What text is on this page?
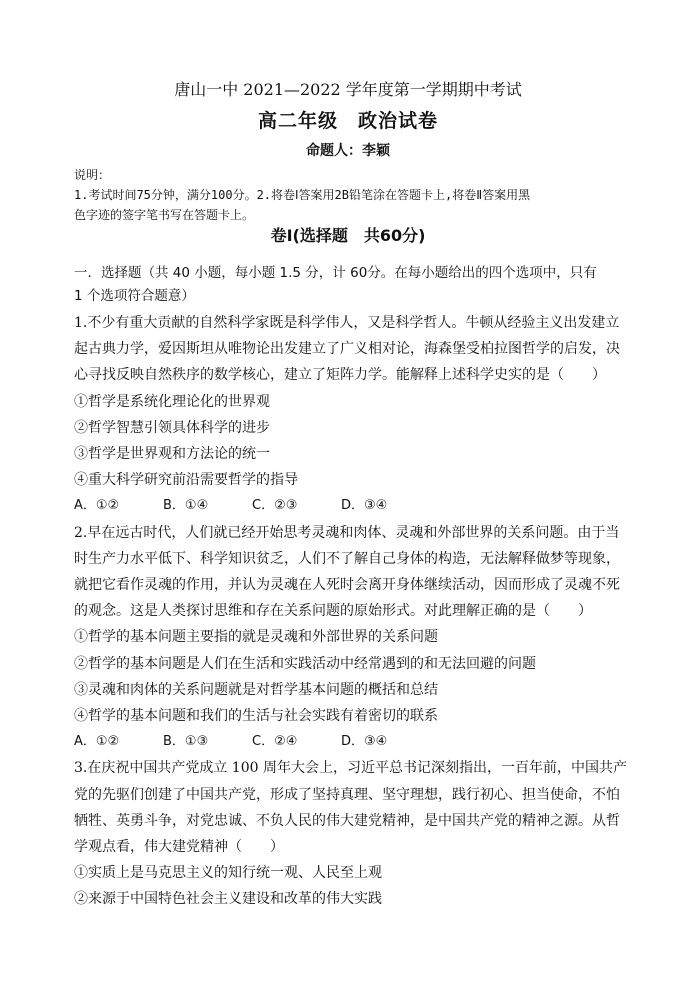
唐山一中 2021—2022 学年度第一学期期中考试
高二年级　政治试卷
命题人：李颖
说明：
1.考试时间75分钟，满分100分。2.将卷Ⅰ答案用2B铅笔涂在答题卡上,将卷Ⅱ答案用黑
色字迹的签字笔书写在答题卡上。
卷Ⅰ(选择题　共60分)
一．选择题（共 40 小题，每小题 1.5 分，计 60分。在每小题给出的四个选项中，只有
1 个选项符合题意）
1.不少有重大贡献的自然科学家既是科学伟人，又是科学哲人。牛顿从经验主义出发建立
起古典力学，爱因斯坦从唯物论出发建立了广义相对论，海森堡受柏拉图哲学的启发，决
心寻找反映自然秩序的数学核心，建立了矩阵力学。能解释上述科学史实的是（　　）
①哲学是系统化理论化的世界观
②哲学智慧引领具体科学的进步
③哲学是世界观和方法论的统一
④重大科学研究前沿需要哲学的指导
A．①②	B．①④	C．②③	D．③④
2.早在远古时代，人们就已经开始思考灵魂和肉体、灵魂和外部世界的关系问题。由于当
时生产力水平低下、科学知识贫乏，人们不了解自己身体的构造，无法解释做梦等现象，
就把它看作灵魂的作用，并认为灵魂在人死时会离开身体继续活动，因而形成了灵魂不死
的观念。这是人类探讨思维和存在关系问题的原始形式。对此理解正确的是（　　）
①哲学的基本问题主要指的就是灵魂和外部世界的关系问题
②哲学的基本问题是人们在生活和实践活动中经常遇到的和无法回避的问题
③灵魂和肉体的关系问题就是对哲学基本问题的概括和总结
④哲学的基本问题和我们的生活与社会实践有着密切的联系
A．①②	B．①③	C．②④	D．③④
3.在庆祝中国共产党成立 100 周年大会上，习近平总书记深刻指出，一百年前，中国共产
党的先驱们创建了中国共产党，形成了坚持真理、坚守理想，践行初心、担当使命，不怕
牺牲、英勇斗争，对党忠诚、不负人民的伟大建党精神，是中国共产党的精神之源。从哲
学观点看，伟大建党精神（　　）
①实质上是马克思主义的知行统一观、人民至上观
②来源于中国特色社会主义建设和改革的伟大实践
